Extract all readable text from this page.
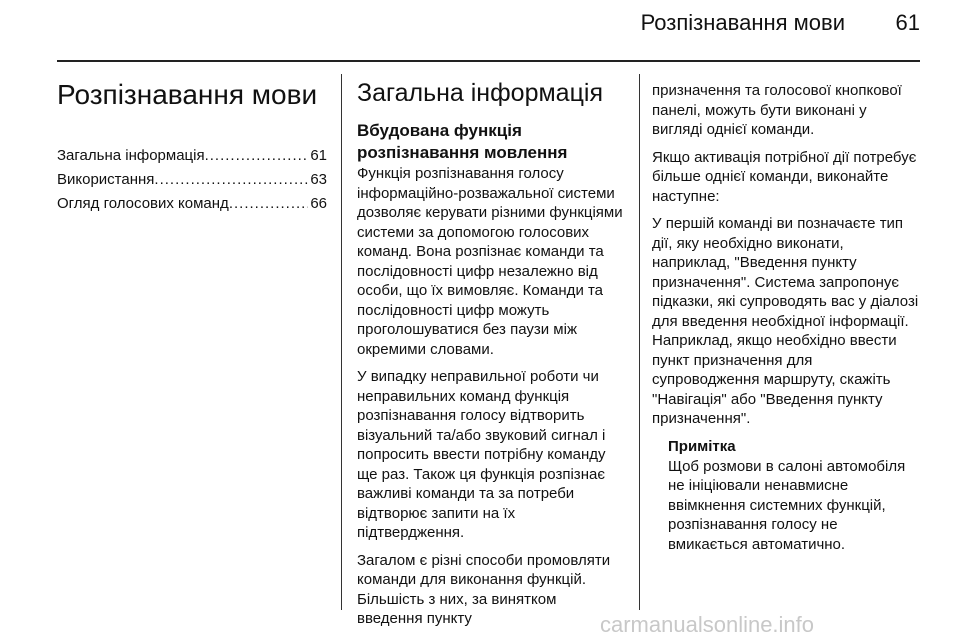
Розпізнавання мови	61
Розпізнавання мови
Загальна інформація .....	61
Використання .....	63
Огляд голосових команд .....	66
Загальна інформація
Вбудована функція розпізнавання мовлення

Функція розпізнавання голосу інформаційно-розважальної системи дозволяє керувати різними функціями системи за допомогою голосових команд. Вона розпізнає команди та послідовності цифр незалежно від особи, що їх вимовляє. Команди та послідовності цифр можуть проголошуватися без паузи між окремими словами.

У випадку неправильної роботи чи неправильних команд функція розпізнавання голосу відтворить візуальний та/або звуковий сигнал і попросить ввести потрібну команду ще раз. Також ця функція розпізнає важливі команди та за потреби відтворює запити на їх підтвердження.

Загалом є різні способи промовляти команди для виконання функцій. Більшість з них, за винятком введення пункту

призначення та голосової кнопкової панелі, можуть бути виконані у вигляді однієї команди.

Якщо активація потрібної дії потребує більше однієї команди, виконайте наступне:

У першій команді ви позначаєте тип дії, яку необхідно виконати, наприклад, "Введення пункту призначення". Система запропонує підказки, які супроводять вас у діалозі для введення необхідної інформації. Наприклад, якщо необхідно ввести пункт призначення для супроводження маршруту, скажіть "Навігація" або "Введення пункту призначення".

Примітка

Щоб розмови в салоні автомобіля не ініціювали ненавмисне ввімкнення системних функцій, розпізнавання голосу не вмикається автоматично.

carmanualsonline.info
